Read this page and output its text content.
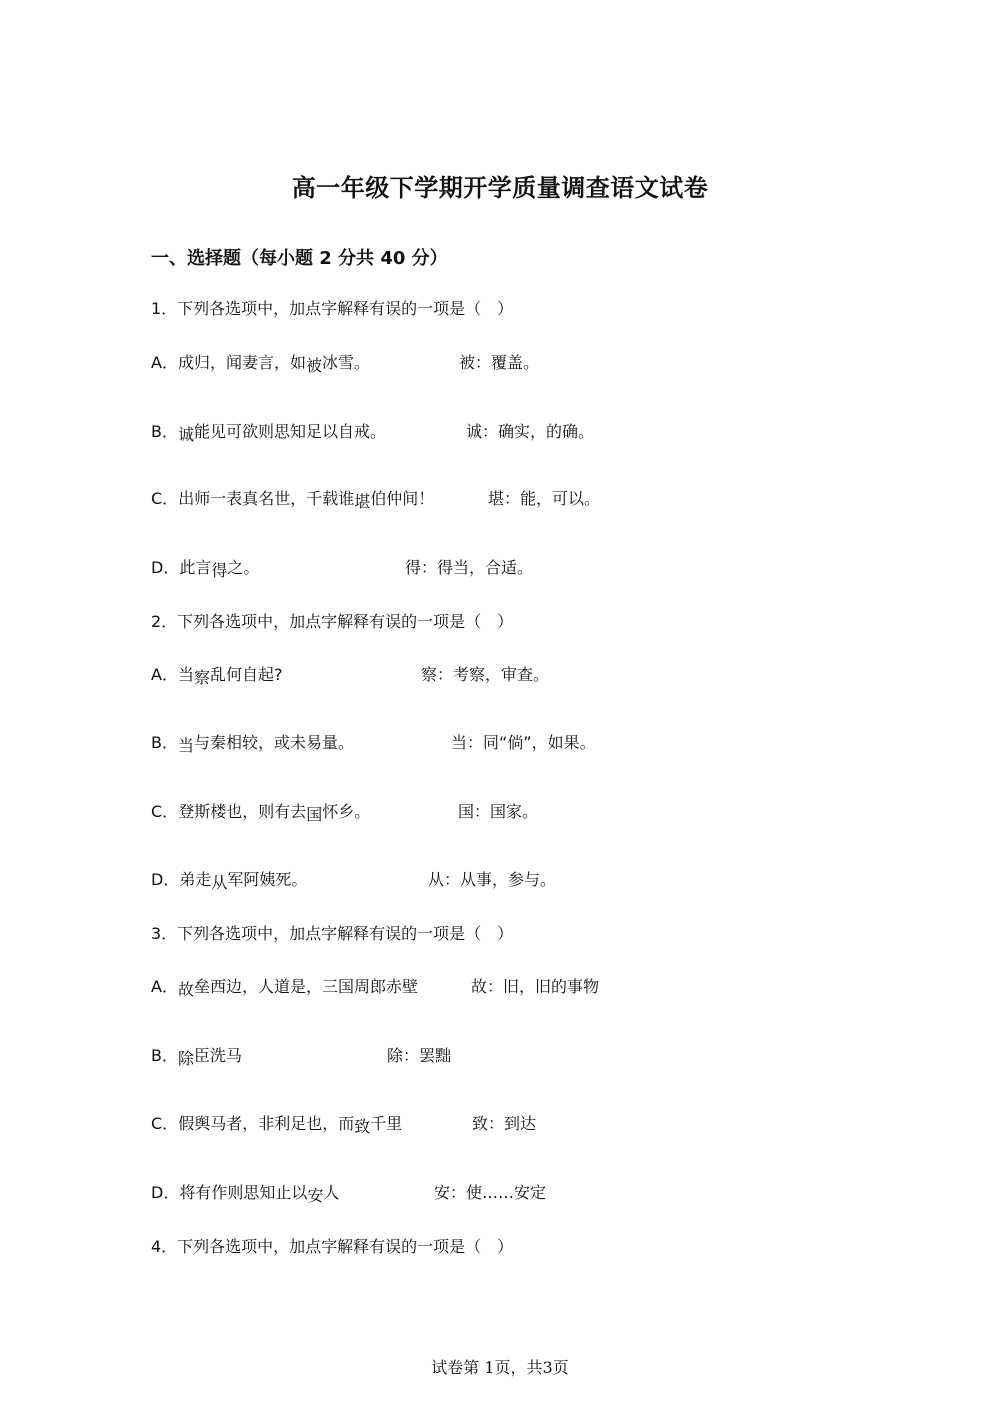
高一年级下学期开学质量调查语文试卷
一、选择题（每小题 2 分共 40 分）
1．下列各选项中，加点字解释有误的一项是（　）
A．成归，闻妻言，如被冰雪。	被：覆盖。
B．诚能见可欲则思知足以自戒。	诚：确实，的确。
C．出师一表真名世，千载谁堪伯仲间！	堪：能，可以。
D．此言得之。	得：得当，合适。
2．下列各选项中，加点字解释有误的一项是（　）
A．当察乱何自起?	察：考察，审查。
B．当与秦相较，或未易量。	当：同“倘”，如果。
C．登斯楼也，则有去国怀乡。	国：国家。
D．弟走从军阿姨死。	从：从事，参与。
3．下列各选项中，加点字解释有误的一项是（　）
A．故垒西边，人道是，三国周郎赤壁	故：旧，旧的事物
B．除臣洗马	除：罢黜
C．假舆马者，非利足也，而致千里	致：到达
D．将有作则思知止以安人	安：使……安定
4．下列各选项中，加点字解释有误的一项是（　）
试卷第 1页，共3页
